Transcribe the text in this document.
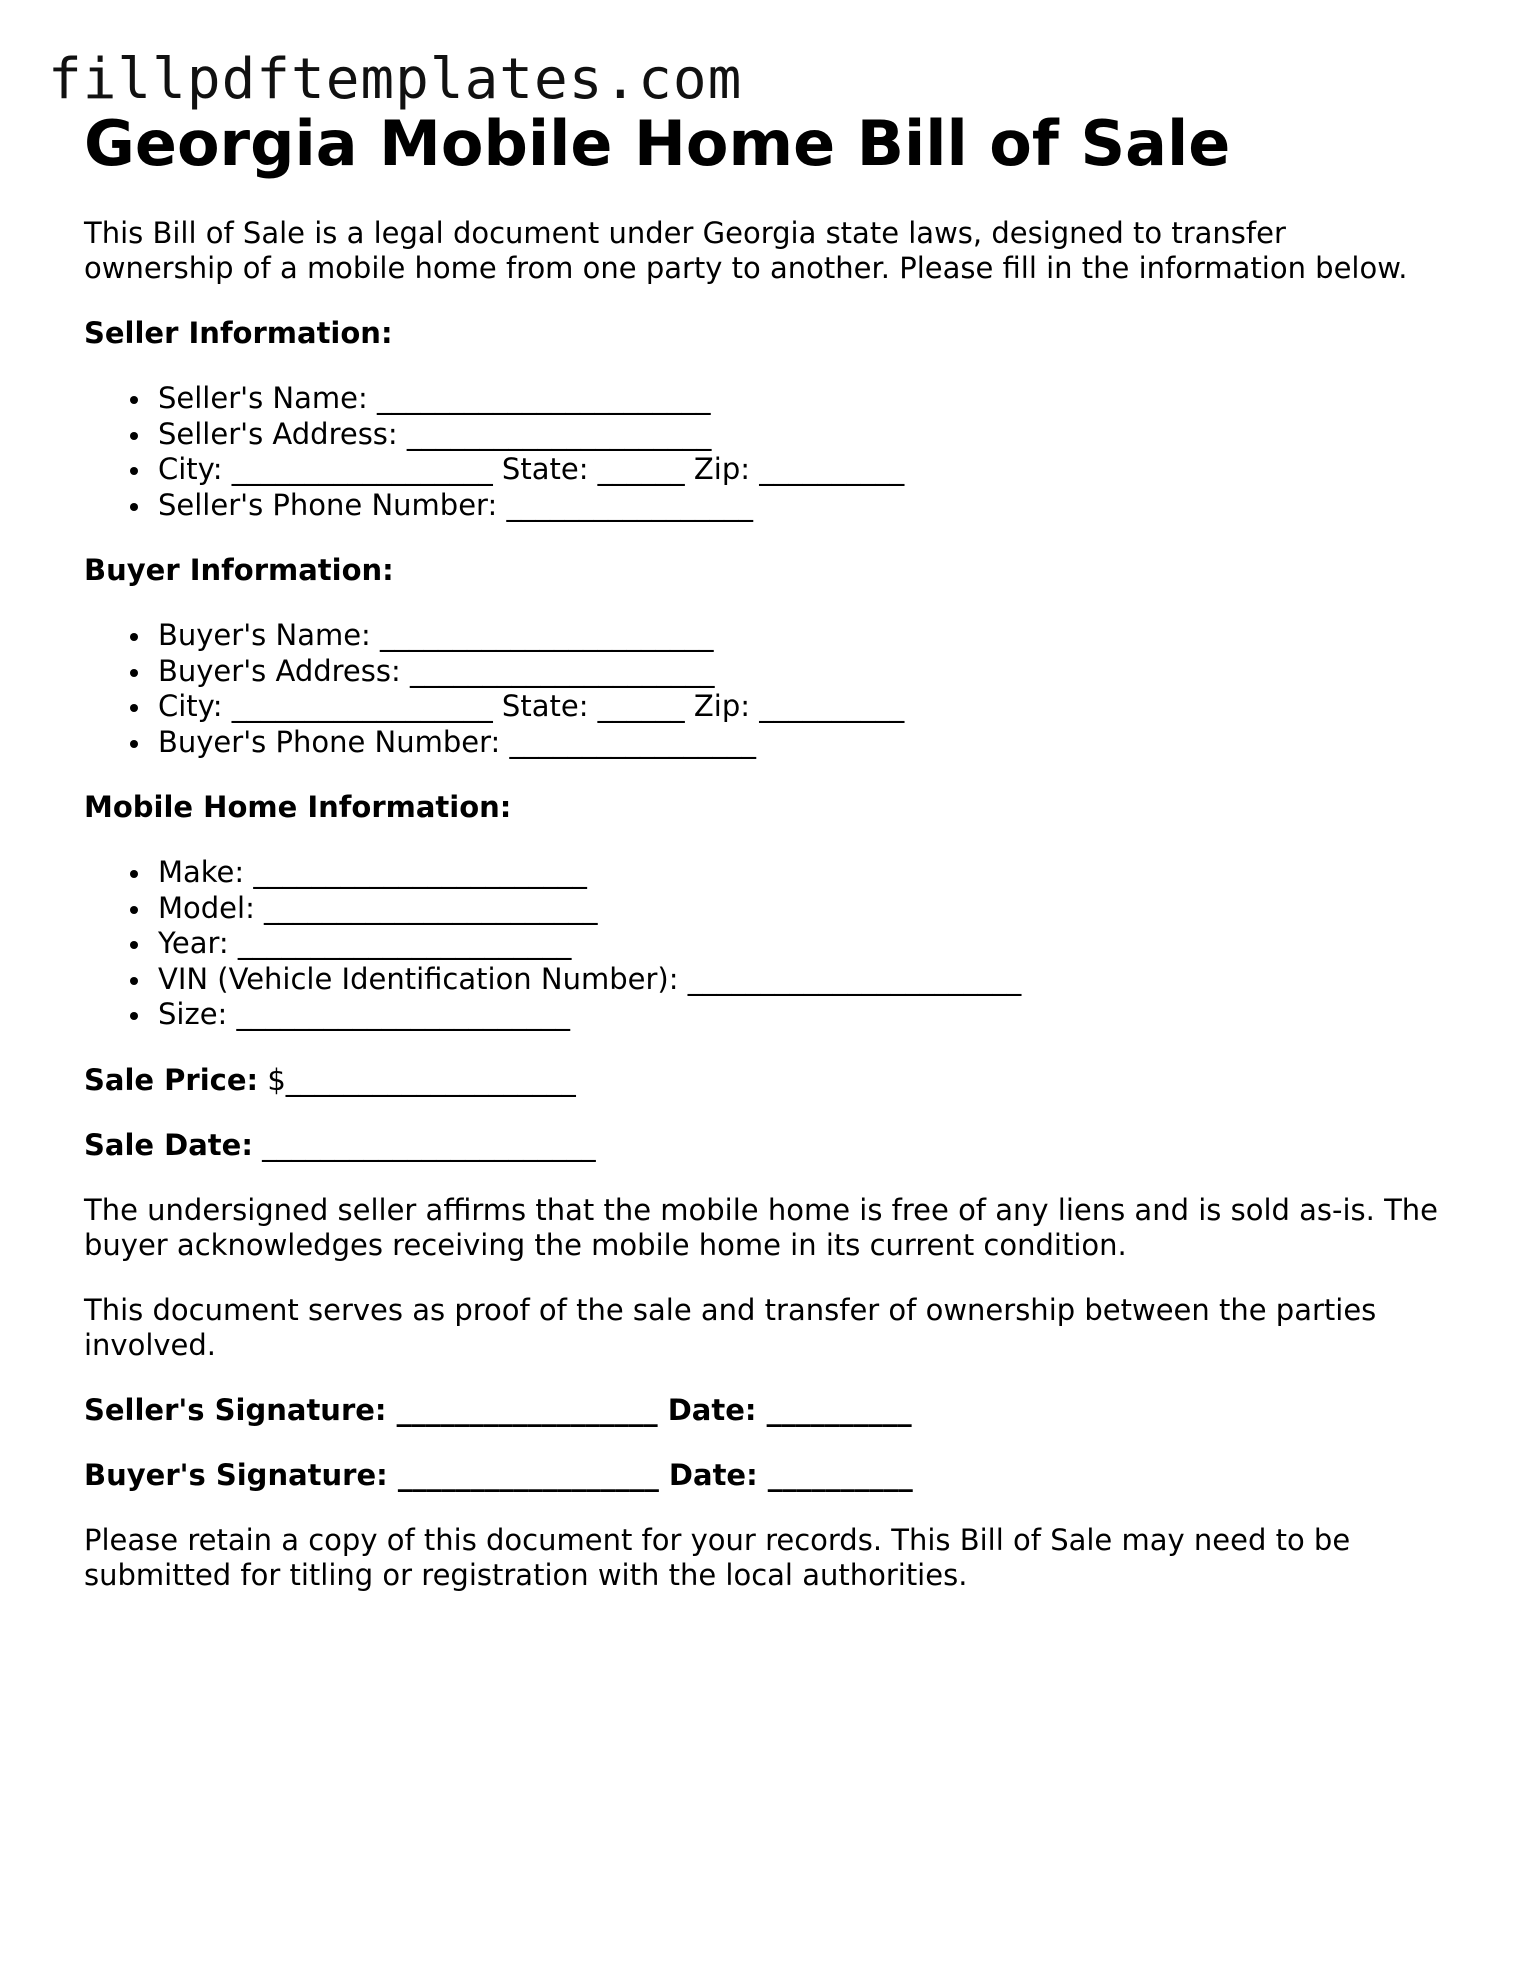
fillpdftemplates.com
Georgia Mobile Home Bill of Sale

This Bill of Sale is a legal document under Georgia state laws, designed to transfer ownership of a mobile home from one party to another. Please fill in the information below.

Seller Information:
Seller's Name: _______________________
Seller's Address: _____________________
City: __________________ State: ______ Zip: __________
Seller's Phone Number: _________________
Buyer Information:
Buyer's Name: _______________________
Buyer's Address: _____________________
City: __________________ State: ______ Zip: __________
Buyer's Phone Number: _________________
Mobile Home Information:
Make: _______________________
Model: _______________________
Year: _______________________
VIN (Vehicle Identification Number): _______________________
Size: _______________________

Sale Price: $____________________

Sale Date: _______________________

The undersigned seller affirms that the mobile home is free of any liens and is sold as-is. The buyer acknowledges receiving the mobile home in its current condition.

This document serves as proof of the sale and transfer of ownership between the parties involved.

Seller's Signature: __________________ Date: __________

Buyer's Signature: __________________ Date: __________

Please retain a copy of this document for your records. This Bill of Sale may need to be submitted for titling or registration with the local authorities.
